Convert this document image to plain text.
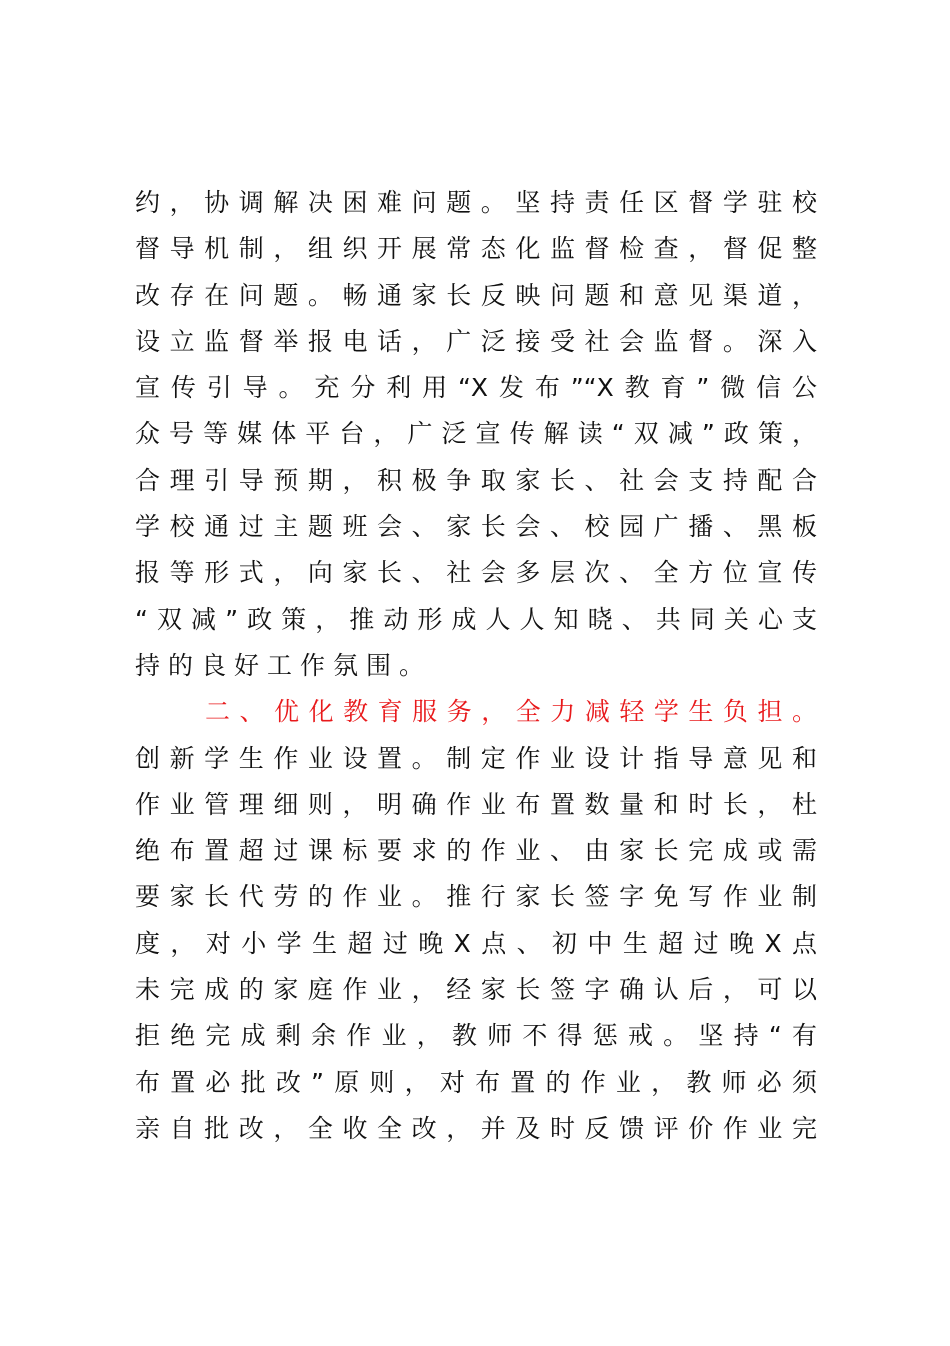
约，协调解决困难问题。坚持责任区督学驻校
督导机制，组织开展常态化监督检查，督促整
改存在问题。畅通家长反映问题和意见渠道，
设立监督举报电话，广泛接受社会监督。深入
宣传引导。充分利用“X发布”“X教育”微信公
众号等媒体平台，广泛宣传解读“双减”政策，
合理引导预期，积极争取家长、社会支持配合
学校通过主题班会、家长会、校园广播、黑板
报等形式，向家长、社会多层次、全方位宣传
“双减”政策，推动形成人人知晓、共同关心支
持的良好工作氛围。
二、优化教育服务，全力减轻学生负担。
创新学生作业设置。制定作业设计指导意见和
作业管理细则，明确作业布置数量和时长，杜
绝布置超过课标要求的作业、由家长完成或需
要家长代劳的作业。推行家长签字免写作业制
度，对小学生超过晚X点、初中生超过晚X点
未完成的家庭作业，经家长签字确认后，可以
拒绝完成剩余作业，教师不得惩戒。坚持“有
布置必批改”原则，对布置的作业，教师必须
亲自批改，全收全改，并及时反馈评价作业完
